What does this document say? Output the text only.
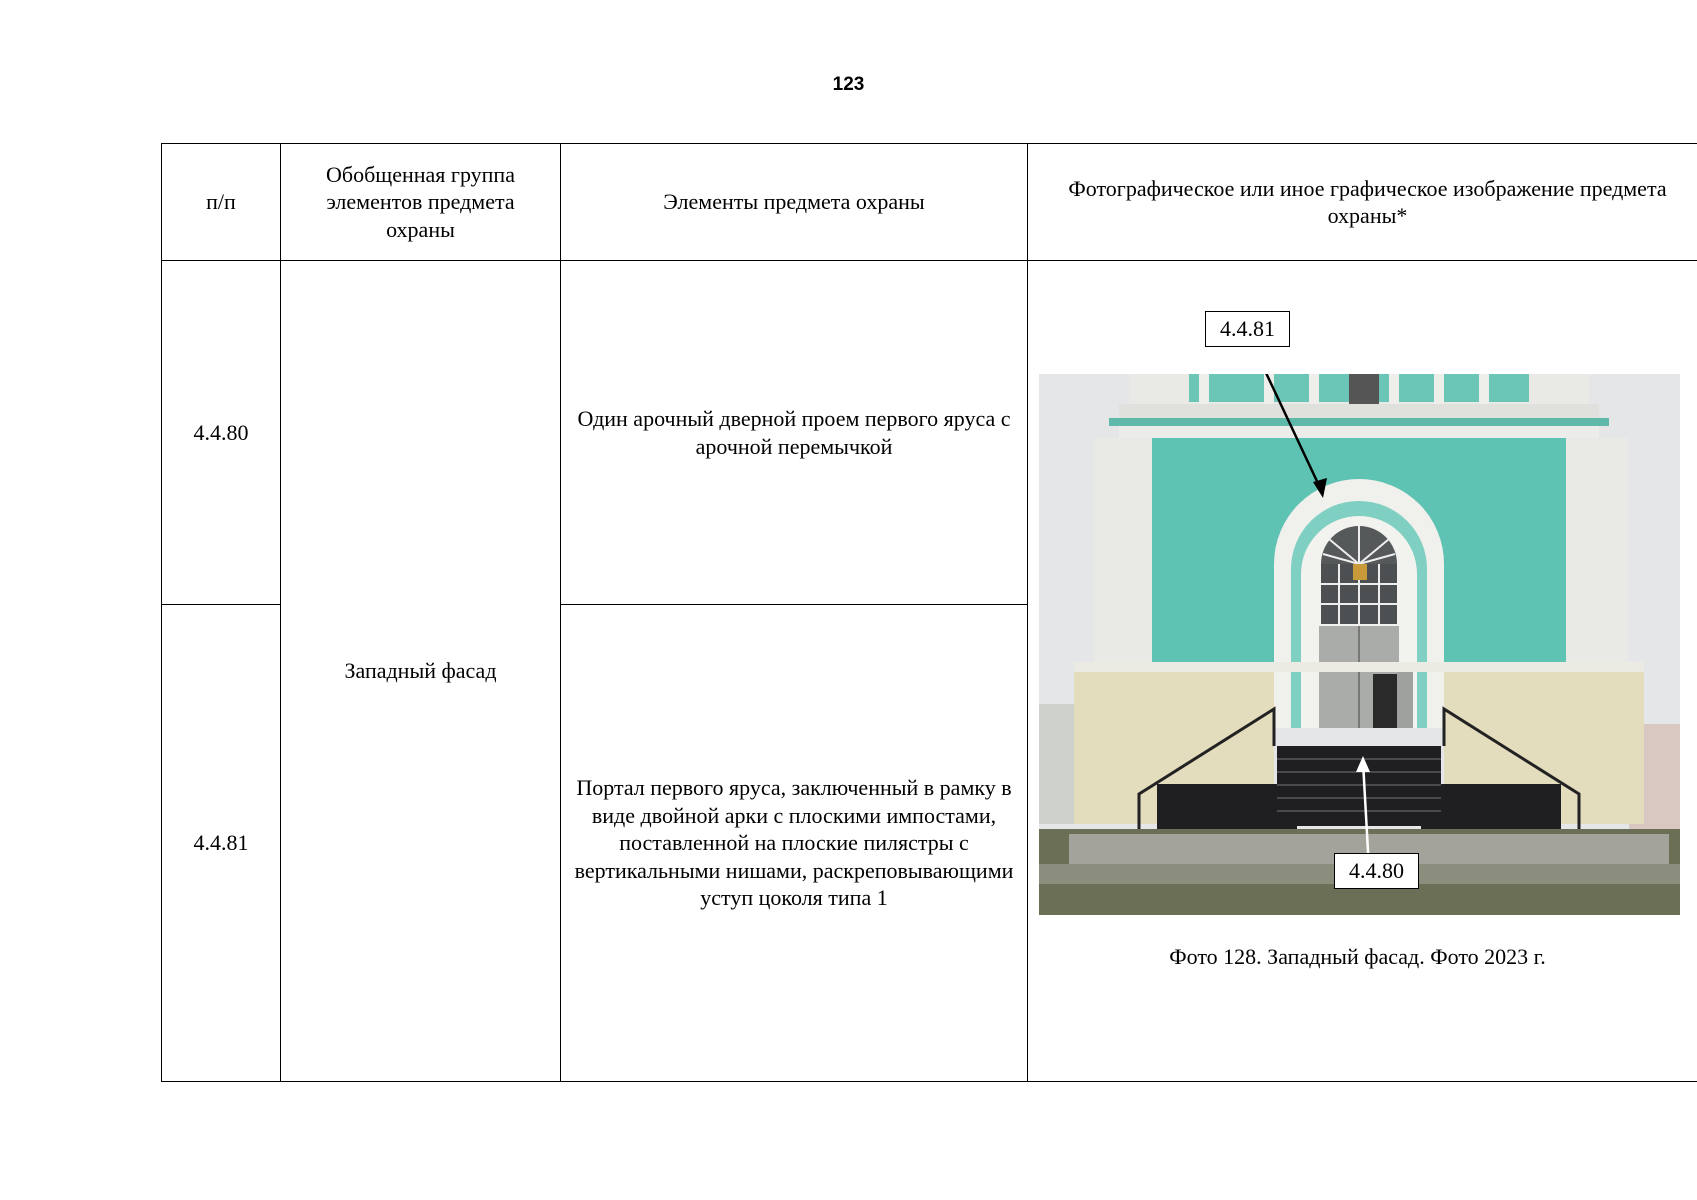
123
п/п	Обобщенная группа элементов предмета охраны	Элементы предмета охраны	Фотографическое или иное графическое изображение предмета охраны*
4.4.80	Западный фасад	Один арочный дверной проем первого яруса с арочной перемычкой	4.4.81
4.4.80
Фото 128. Западный фасад. Фото 2023 г.

4.4.81		Портал первого яруса, заключенный в рамку в виде двойной арки с плоскими импостами, поставленной на плоские пилястры с вертикальными нишами, раскреповывающими уступ цоколя типа 1	
